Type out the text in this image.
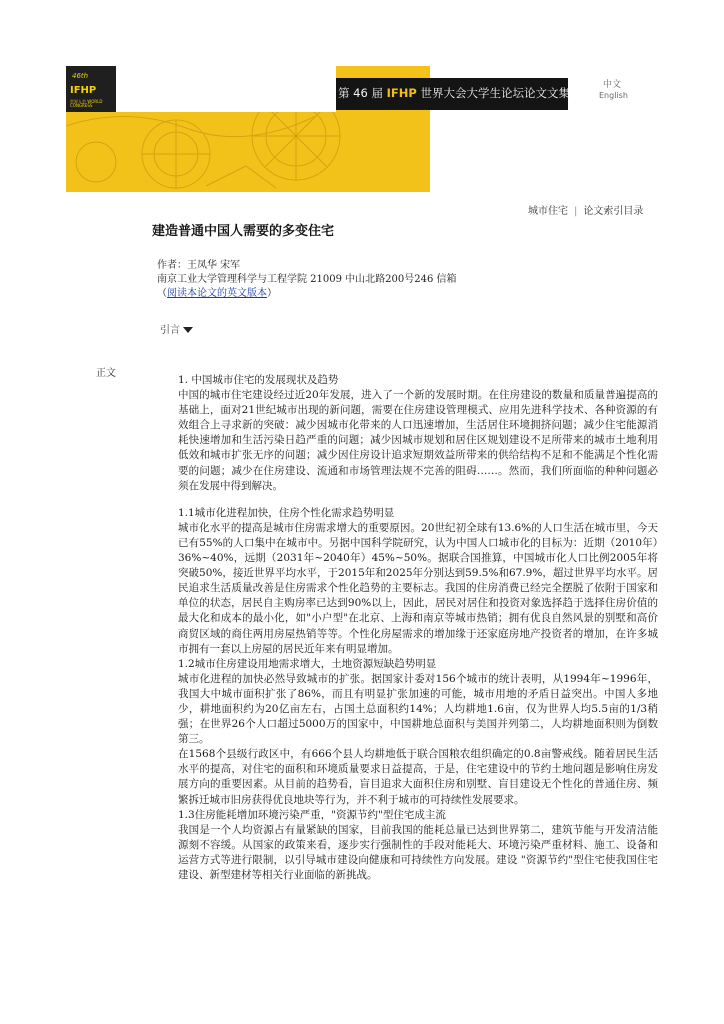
46th
IFHP
世界人会 WORLD CONGRESS
第 46 届 IFHP 世界大会大学生论坛论文文集
中文
English
城市住宅 | 论文索引目录
建造普通中国人需要的多变住宅
作者：王凤华 宋军
南京工业大学管理科学与工程学院 21009 中山北路200号246 信箱
（阅读本论文的英文版本）
引言
正文

1. 中国城市住宅的发展现状及趋势

中国的城市住宅建设经过近20年发展，进入了一个新的发展时期。在住房建设的数量和质量普遍提高的基础上，面对21世纪城市出现的新问题，需要在住房建设管理模式、应用先进科学技术、各种资源的有效组合上寻求新的突破：减少因城市化带来的人口迅速增加，生活居住环境拥挤问题；减少住宅能源消耗快速增加和生活污染日趋严重的问题；减少因城市规划和居住区规划建设不足所带来的城市土地利用低效和城市扩张无序的问题；减少因住房设计追求短期效益所带来的供给结构不足和不能满足个性化需要的问题；减少在住房建设、流通和市场管理法规不完善的阻碍……。然而，我们所面临的种种问题必须在发展中得到解决。

1.1城市化进程加快，住房个性化需求趋势明显

城市化水平的提高是城市住房需求增大的重要原因。20世纪初全球有13.6%的人口生活在城市里，今天已有55%的人口集中在城市中。另据中国科学院研究，认为中国人口城市化的目标为：近期（2010年）36%~40%，远期（2031年~2040年）45%~50%。据联合国推算，中国城市化人口比例2005年将突破50%，接近世界平均水平，于2015年和2025年分别达到59.5%和67.9%，超过世界平均水平。居民追求生活质量改善是住房需求个性化趋势的主要标志。我国的住房消费已经完全摆脱了依附于国家和单位的状态，居民自主购房率已达到90%以上，因此，居民对居住和投资对象选择趋于选择住房价值的最大化和成本的最小化，如"小户型"在北京、上海和南京等城市热销；拥有优良自然风景的别墅和高价商贸区域的商住两用房屋热销等等。个性化房屋需求的增加缘于还家庭房地产投资者的增加，在许多城市拥有一套以上房屋的居民近年来有明显增加。

1.2城市住房建设用地需求增大，土地资源短缺趋势明显

城市化进程的加快必然导致城市的扩张。据国家计委对156个城市的统计表明，从1994年~1996年，我国大中城市面积扩张了86%，而且有明显扩张加速的可能，城市用地的矛盾日益突出。中国人多地少，耕地面积约为20亿亩左右，占国土总面积约14%；人均耕地1.6亩，仅为世界人均5.5亩的1/3稍强；在世界26个人口超过5000万的国家中，中国耕地总面积与美国并列第二，人均耕地面积则为倒数第三。

在1568个县级行政区中，有666个县人均耕地低于联合国粮农组织确定的0.8亩警戒线。随着居民生活水平的提高，对住宅的面积和环境质量要求日益提高，于是，住宅建设中的节约土地问题是影响住房发展方向的重要因素。从目前的趋势看，盲目追求大面积住房和别墅、盲目建设无个性化的普通住房、频繁拆迁城市旧房获得优良地块等行为，并不利于城市的可持续性发展要求。

1.3住房能耗增加环境污染严重，"资源节约"型住宅成主流

我国是一个人均资源占有量紧缺的国家，目前我国的能耗总量已达到世界第二，建筑节能与开发清洁能源刻不容缓。从国家的政策来看，逐步实行强制性的手段对能耗大、环境污染严重材料、施工、设备和运营方式等进行限制，以引导城市建设向健康和可持续性方向发展。建设 "资源节约"型住宅使我国住宅建设、新型建材等相关行业面临的新挑战。
